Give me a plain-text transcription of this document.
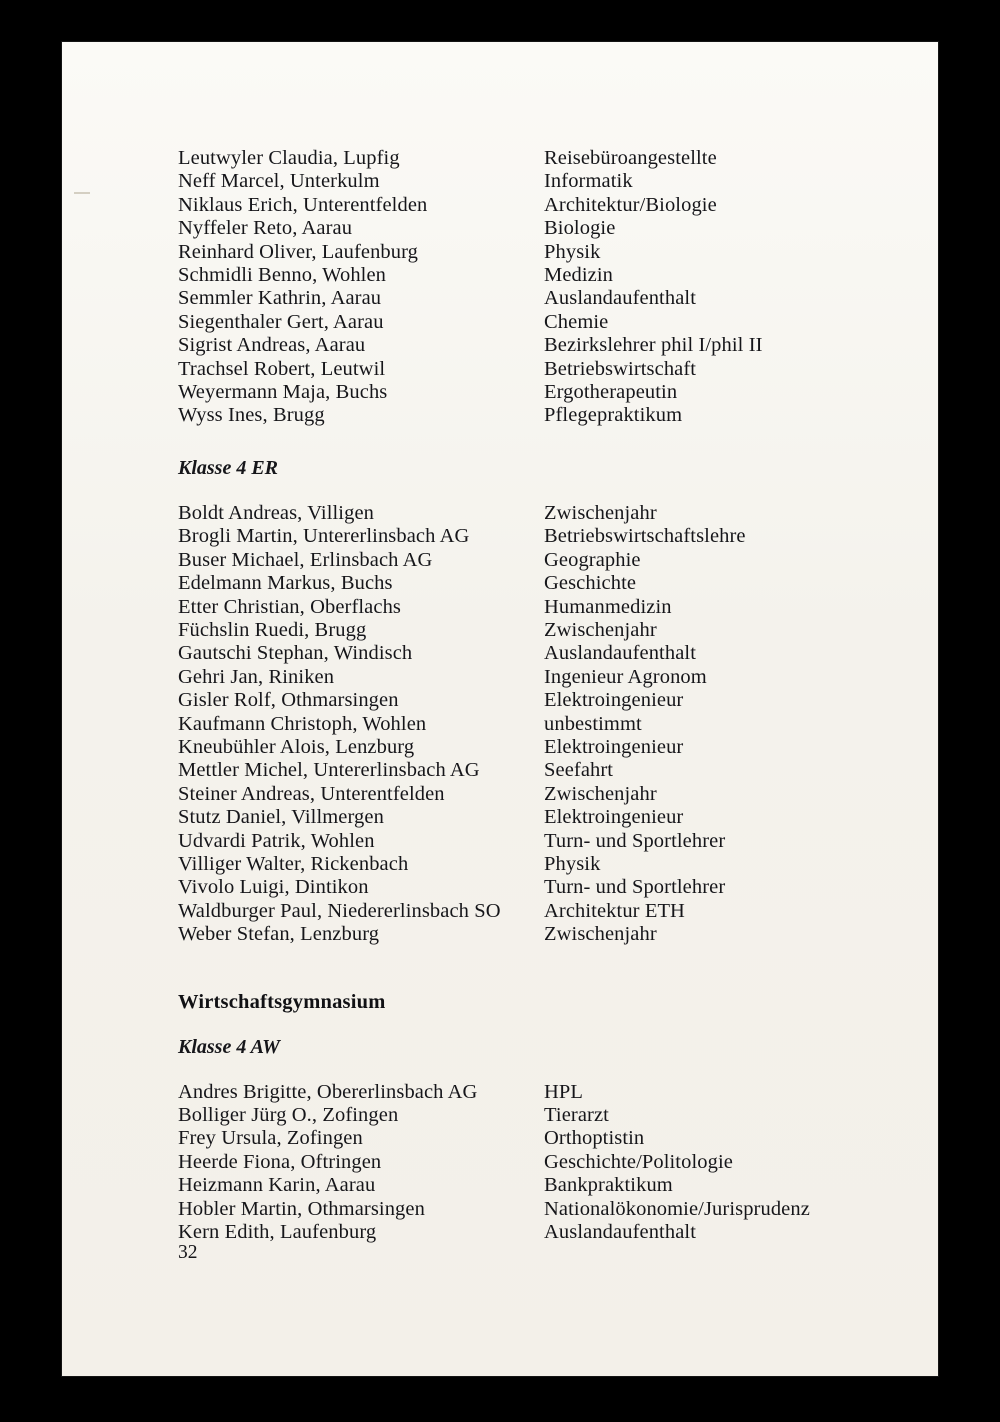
Leutwyler Claudia, Lupfig	Reisebüroangestellte
Neff Marcel, Unterkulm	Informatik
Niklaus Erich, Unterentfelden	Architektur/Biologie
Nyffeler Reto, Aarau	Biologie
Reinhard Oliver, Laufenburg	Physik
Schmidli Benno, Wohlen	Medizin
Semmler Kathrin, Aarau	Auslandaufenthalt
Siegenthaler Gert, Aarau	Chemie
Sigrist Andreas, Aarau	Bezirkslehrer phil I/phil II
Trachsel Robert, Leutwil	Betriebswirtschaft
Weyermann Maja, Buchs	Ergotherapeutin
Wyss Ines, Brugg	Pflegepraktikum
Klasse 4 ER
Boldt Andreas, Villigen	Zwischenjahr
Brogli Martin, Untererlinsbach AG	Betriebswirtschaftslehre
Buser Michael, Erlinsbach AG	Geographie
Edelmann Markus, Buchs	Geschichte
Etter Christian, Oberflachs	Humanmedizin
Füchslin Ruedi, Brugg	Zwischenjahr
Gautschi Stephan, Windisch	Auslandaufenthalt
Gehri Jan, Riniken	Ingenieur Agronom
Gisler Rolf, Othmarsingen	Elektroingenieur
Kaufmann Christoph, Wohlen	unbestimmt
Kneubühler Alois, Lenzburg	Elektroingenieur
Mettler Michel, Untererlinsbach AG	Seefahrt
Steiner Andreas, Unterentfelden	Zwischenjahr
Stutz Daniel, Villmergen	Elektroingenieur
Udvardi Patrik, Wohlen	Turn- und Sportlehrer
Villiger Walter, Rickenbach	Physik
Vivolo Luigi, Dintikon	Turn- und Sportlehrer
Waldburger Paul, Niedererlinsbach SO	Architektur ETH
Weber Stefan, Lenzburg	Zwischenjahr
Wirtschaftsgymnasium
Klasse 4 AW
Andres Brigitte, Obererlinsbach AG	HPL
Bolliger Jürg O., Zofingen	Tierarzt
Frey Ursula, Zofingen	Orthoptistin
Heerde Fiona, Oftringen	Geschichte/Politologie
Heizmann Karin, Aarau	Bankpraktikum
Hobler Martin, Othmarsingen	Nationalökonomie/Jurisprudenz
Kern Edith, Laufenburg	Auslandaufenthalt
32
